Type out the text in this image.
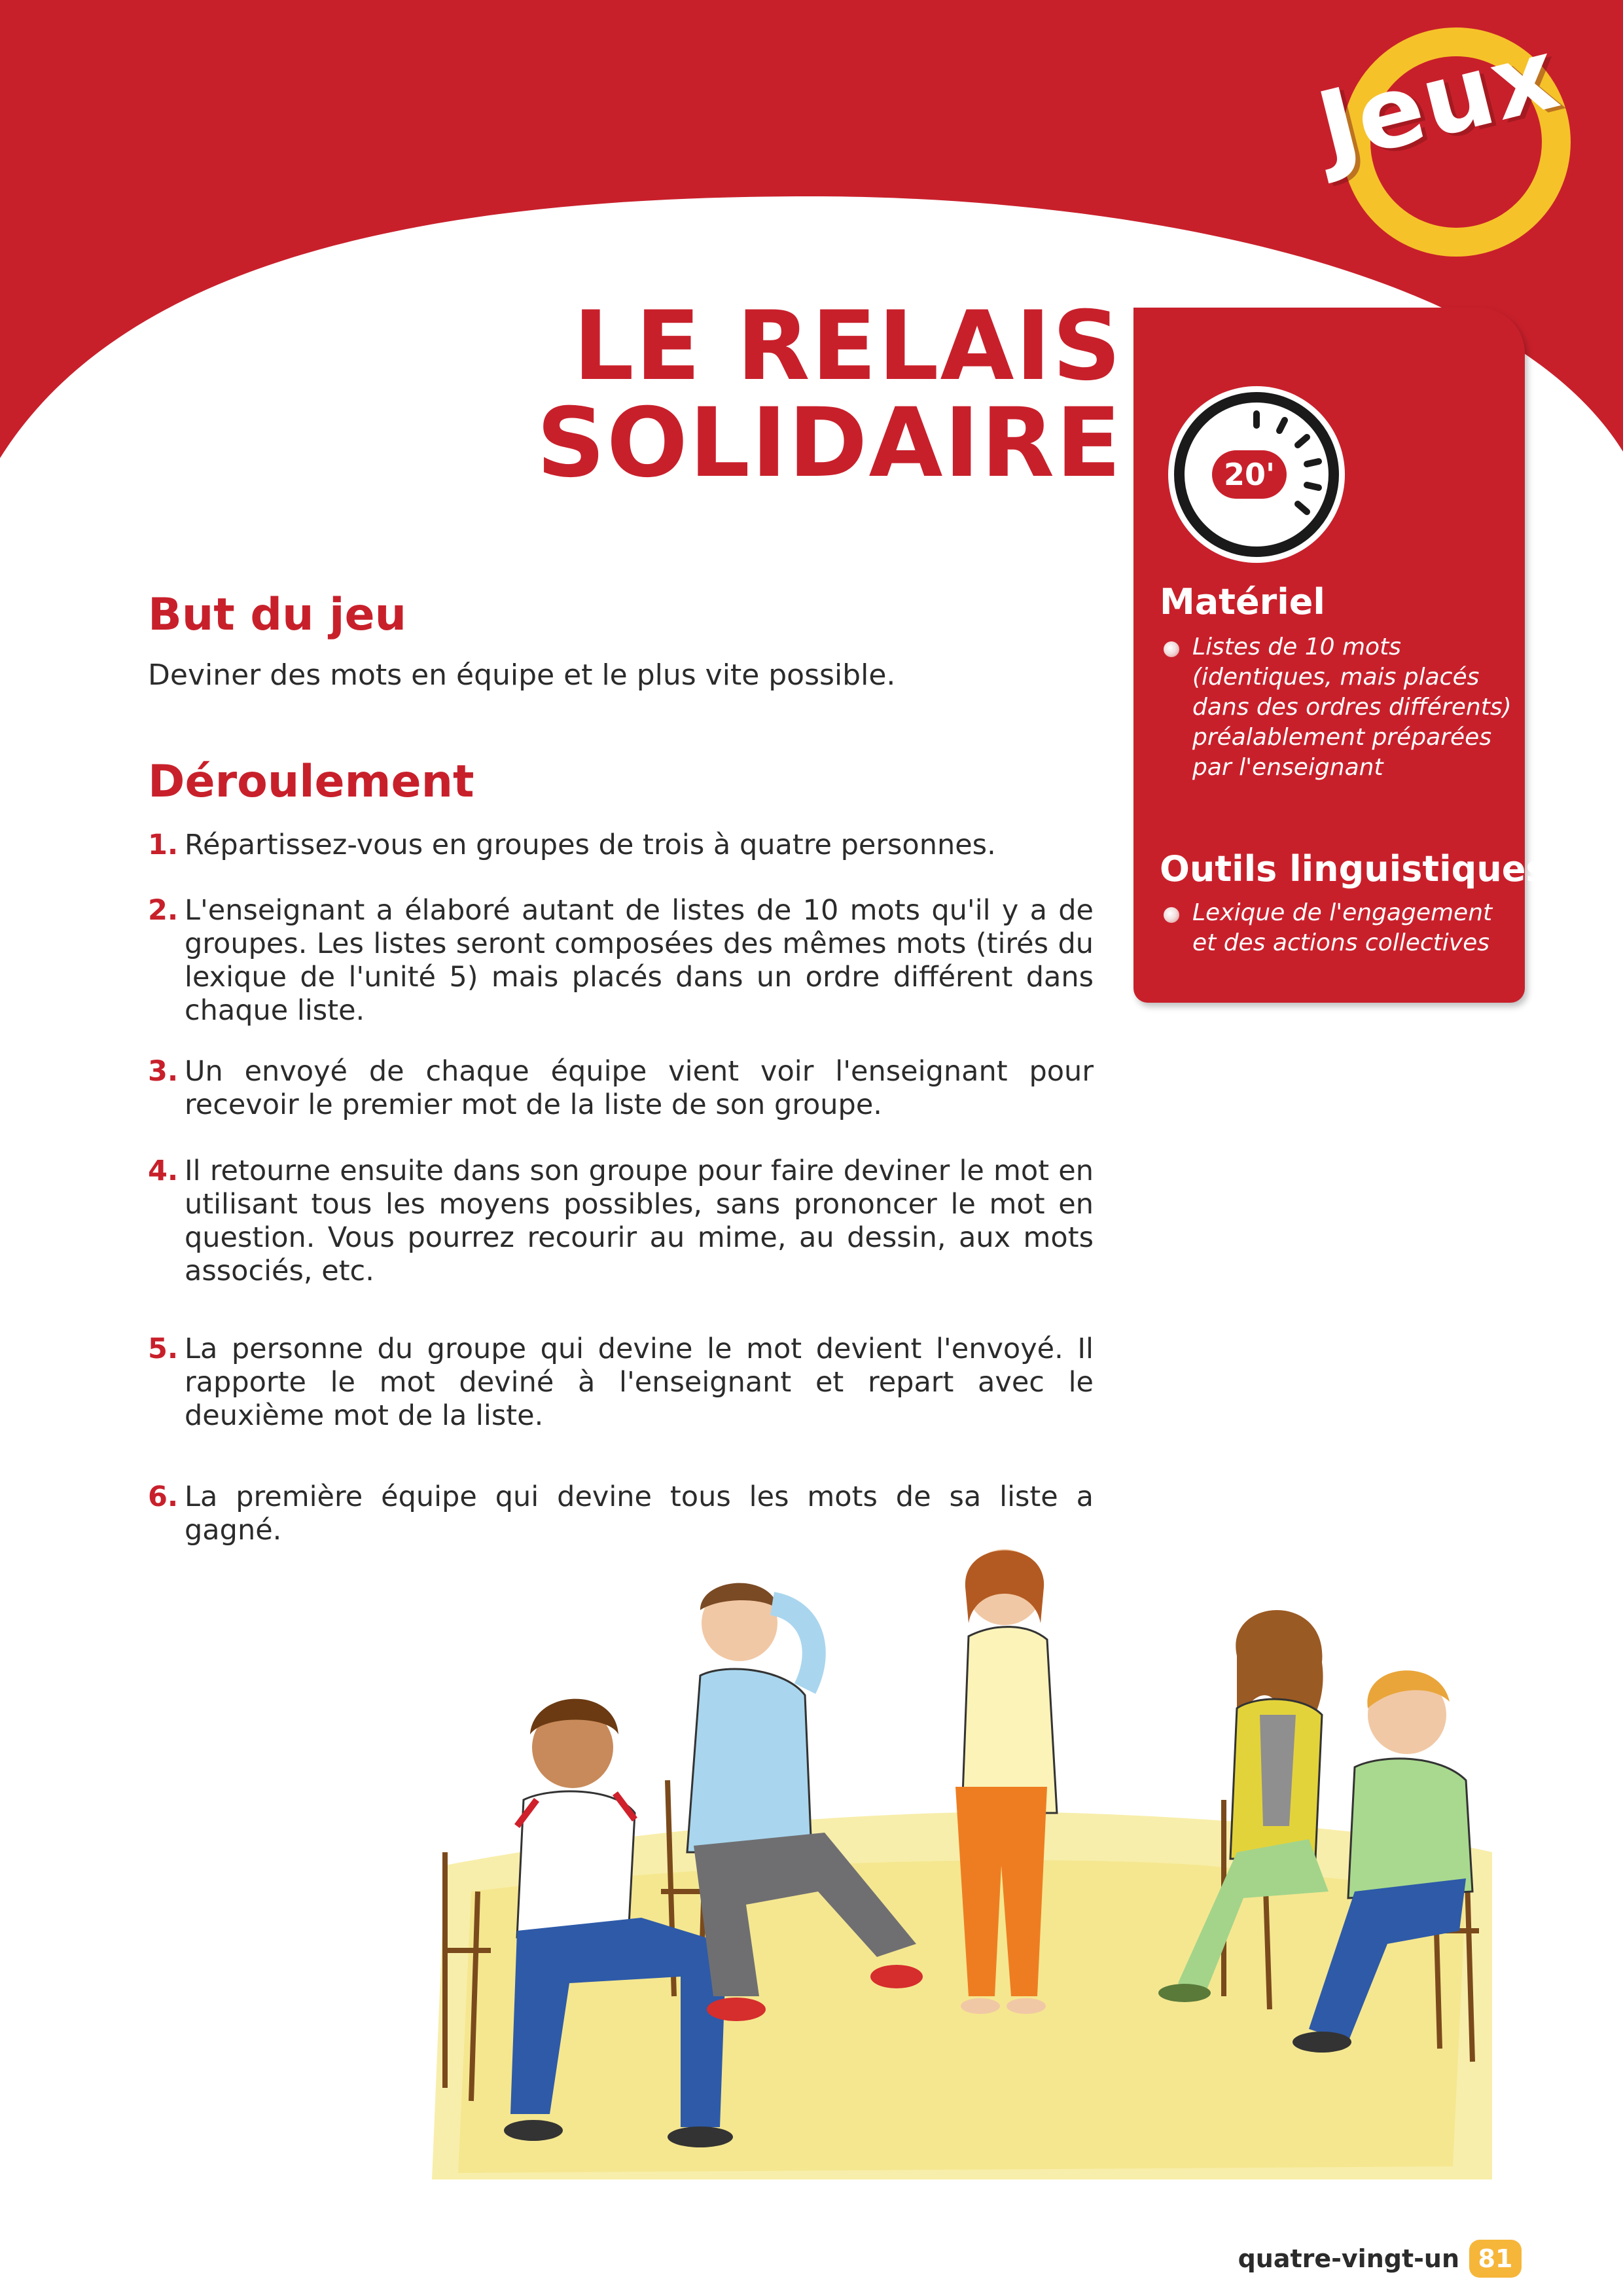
Jeux
LE RELAIS
SOLIDAIRE	20'
Matériel
Listes de 10 mots (identiques, mais placés dans des ordres différents) préalablement préparées par l'enseignant
Outils linguistiques
Lexique de l'engagement et des actions collectives
But du jeu

Deviner des mots en équipe et le plus vite possible.

Déroulement
1. Répartissez-vous en groupes de trois à quatre personnes.
2. L'enseignant a élaboré autant de listes de 10 mots qu'il y a de groupes. Les listes seront composées des mêmes mots (tirés du lexique de l'unité 5) mais placés dans un ordre différent dans chaque liste.
3. Un envoyé de chaque équipe vient voir l'enseignant pour recevoir le premier mot de la liste de son groupe.
4. Il retourne ensuite dans son groupe pour faire deviner le mot en utilisant tous les moyens possibles, sans prononcer le mot en question. Vous pourrez recourir au mime, au dessin, aux mots associés, etc.
5. La personne du groupe qui devine le mot devient l'envoyé. Il rapporte le mot deviné à l'enseignant et repart avec le deuxième mot de la liste.
6. La première équipe qui devine tous les mots de sa liste a gagné.
quatre-vingt-un 81
